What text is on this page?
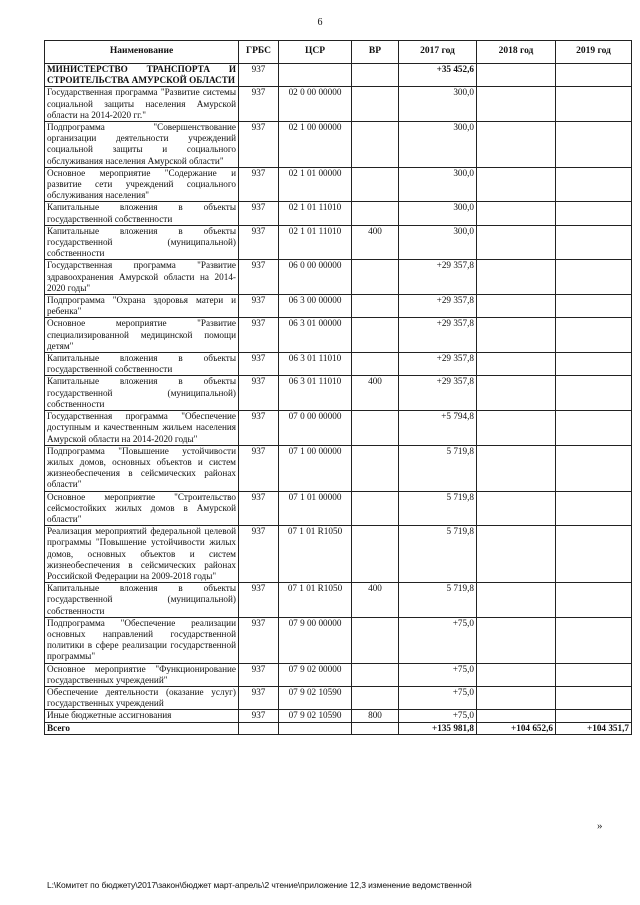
6
Наименование	ГРБС	ЦСР	ВР	2017 год	2018 год	2019 год
МИНИСТЕРСТВО ТРАНСПОРТА И СТРОИТЕЛЬСТВА АМУРСКОЙ ОБЛАСТИ	937			+35 452,6		
Государственная программа "Развитие системы социальной защиты населения Амурской области на 2014-2020 гг."	937	02 0 00 00000		300,0		
Подпрограмма "Совершенствование организации деятельности учреждений социальной защиты и социального обслуживания населения Амурской области"	937	02 1 00 00000		300,0		
Основное мероприятие "Содержание и развитие сети учреждений социального обслуживания населения"	937	02 1 01 00000		300,0		
Капитальные вложения в объекты государственной собственности	937	02 1 01 11010		300,0		
Капитальные вложения в объекты государственной (муниципальной) собственности	937	02 1 01 11010	400	300,0		
Государственная программа "Развитие здравоохранения Амурской области на 2014-2020 годы"	937	06 0 00 00000		+29 357,8		
Подпрограмма "Охрана здоровья матери и ребенка"	937	06 3 00 00000		+29 357,8		
Основное мероприятие "Развитие специализированной медицинской помощи детям"	937	06 3 01 00000		+29 357,8		
Капитальные вложения в объекты государственной собственности	937	06 3 01 11010		+29 357,8		
Капитальные вложения в объекты государственной (муниципальной) собственности	937	06 3 01 11010	400	+29 357,8		
Государственная программа "Обеспечение доступным и качественным жильем населения Амурской области на 2014-2020 годы"	937	07 0 00 00000		+5 794,8		
Подпрограмма "Повышение устойчивости жилых домов, основных объектов и систем жизнеобеспечения в сейсмических районах области"	937	07 1 00 00000		5 719,8		
Основное мероприятие "Строительство сейсмостойких жилых домов в Амурской области"	937	07 1 01 00000		5 719,8		
Реализация мероприятий федеральной целевой программы "Повышение устойчивости жилых домов, основных объектов и систем жизнеобеспечения в сейсмических районах Российской Федерации на 2009-2018 годы"	937	07 1 01 R1050		5 719,8		
Капитальные вложения в объекты государственной (муниципальной) собственности	937	07 1 01 R1050	400	5 719,8		
Подпрограмма "Обеспечение реализации основных направлений государственной политики в сфере реализации государственной программы"	937	07 9 00 00000		+75,0		
Основное мероприятие "Функционирование государственных учреждений"	937	07 9 02 00000		+75,0		
Обеспечение деятельности (оказание услуг) государственных учреждений	937	07 9 02 10590		+75,0		
Иные бюджетные ассигнования	937	07 9 02 10590	800	+75,0		
Всего				+135 981,8	+104 652,6	+104 351,7
»
L:\Комитет по бюджету\2017\закон\бюджет март-апрель\2 чтение\приложение 12,3 изменение ведомственной
